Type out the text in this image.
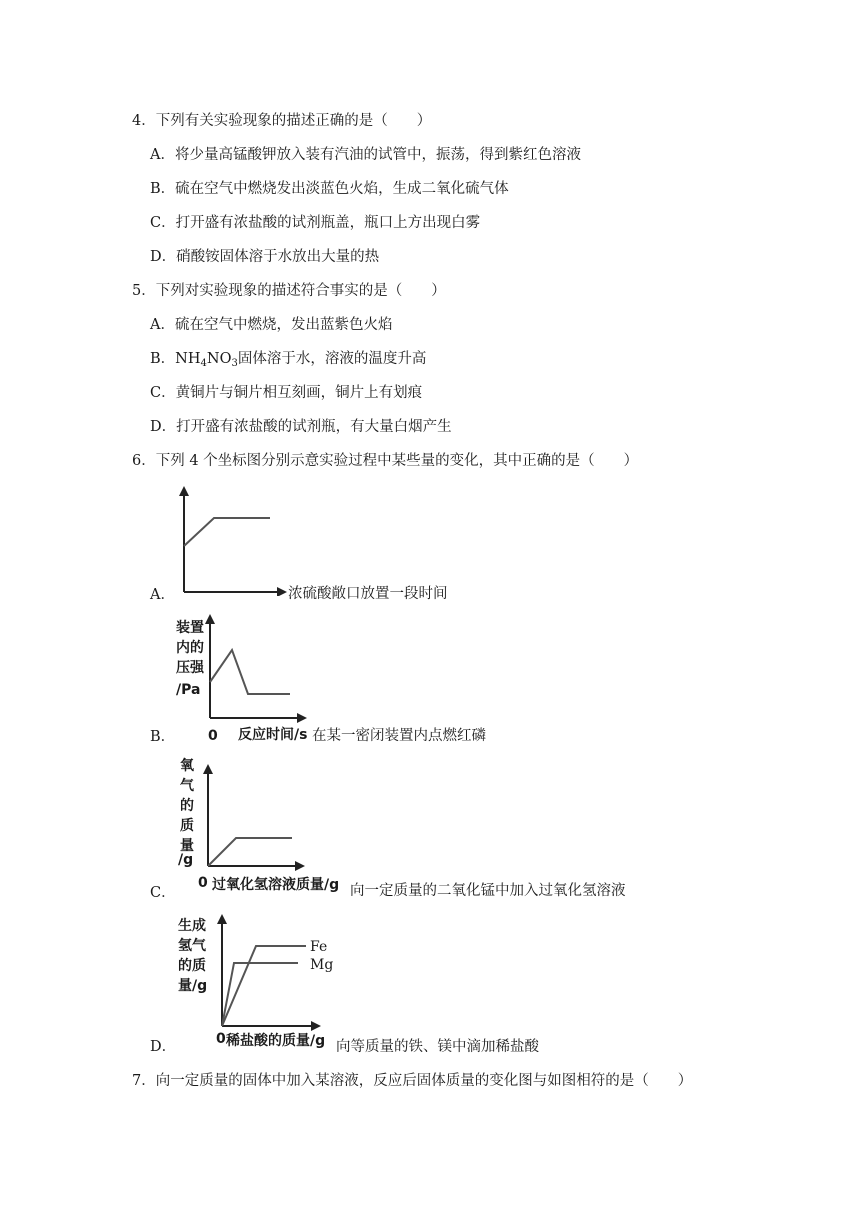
4．下列有关实验现象的描述正确的是（　　）
A．将少量高锰酸钾放入装有汽油的试管中，振荡，得到紫红色溶液
B．硫在空气中燃烧发出淡蓝色火焰，生成二氧化硫气体
C．打开盛有浓盐酸的试剂瓶盖，瓶口上方出现白雾
D．硝酸铵固体溶于水放出大量的热
5．下列对实验现象的描述符合事实的是（　　）
A．硫在空气中燃烧，发出蓝紫色火焰
B．$NH_4NO_3$固体溶于水，溶液的温度升高
C．黄铜片与铜片相互刻画，铜片上有划痕
D．打开盛有浓盐酸的试剂瓶，有大量白烟产生
6．下列 4 个坐标图分别示意实验过程中某些量的变化，其中正确的是（　　）
A．	浓硫酸敞口放置一段时间
B．
装置
内的
压强
/Pa
0 反应时间/s 在某一密闭装置内点燃红磷
C．
氧
气
的
质
量
/g
0 过氧化氢溶液质量/g 向一定质量的二氧化锰中加入过氧化氢溶液
D．
生成
氢气
的质
量/g
Fe
Mg
0 稀盐酸的质量/g 向等质量的铁、镁中滴加稀盐酸
7．向一定质量的固体中加入某溶液，反应后固体质量的变化图与如图相符的是（　　）
